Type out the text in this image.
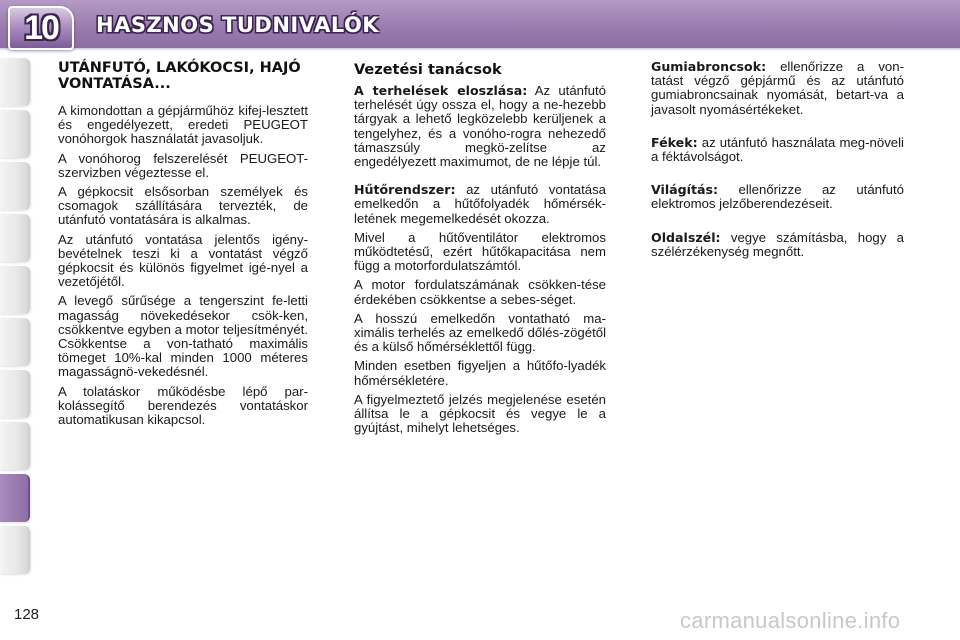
10 HASZNOS TUDNIVALÓK
UTÁNFUTÓ, LAKÓKOCSI, HAJÓ VONTATÁSA...

A kimondottan a gépjárműhöz kifej-lesztett és engedélyezett, eredeti PEUGEOT vonóhorgok használatát javasoljuk.

A vonóhorog felszerelését PEUGEOT-szervizben végeztesse el.

A gépkocsit elsősorban személyek és csomagok szállítására tervezték, de utánfutó vontatására is alkalmas.

Az utánfutó vontatása jelentős igény-bevételnek teszi ki a vontatást végző gépkocsit és különös figyelmet igé-nyel a vezetőjétől.

A levegő sűrűsége a tengerszint fe-letti magasság növekedésekor csök-ken, csökkentve egyben a motor teljesítményét. Csökkentse a von-tatható maximális tömeget 10%-kal minden 1000 méteres magasságnö-vekedésnél.

A tolatáskor működésbe lépő par-kolássegítő berendezés vontatáskor automatikusan kikapcsol.

Vezetési tanácsok

A terhelések eloszlása: Az utánfutó terhelését úgy ossza el, hogy a ne-hezebb tárgyak a lehető legközelebb kerüljenek a tengelyhez, és a vonóho-rogra nehezedő támaszsúly megkö-zelítse az engedélyezett maximumot, de ne lépje túl.

Hűtőrendszer: az utánfutó vontatása emelkedőn a hűtőfolyadék hőmérsék-letének megemelkedését okozza.

Mivel a hűtőventilátor elektromos működtetésű, ezért hűtőkapacitása nem függ a motorfordulatszámtól.

A motor fordulatszámának csökken-tése érdekében csökkentse a sebes-séget.

A hosszú emelkedőn vontatható ma-ximális terhelés az emelkedő dőlés-zögétől és a külső hőmérséklettől függ.

Minden esetben figyeljen a hűtőfo-lyadék hőmérsékletére.

A figyelmeztető jelzés megjelenése esetén állítsa le a gépkocsit és vegye le a gyújtást, mihelyt lehetséges.

Gumiabroncsok: ellenőrizze a von-tatást végző gépjármű és az utánfutó gumiabroncsainak nyomását, betart-va a javasolt nyomásértékeket.

Fékek: az utánfutó használata meg-növeli a féktávolságot.

Világítás: ellenőrizze az utánfutó elektromos jelzőberendezéseit.

Oldalszél: vegye számításba, hogy a szélérzékenység megnőtt.

128	carmanualsonline.info
